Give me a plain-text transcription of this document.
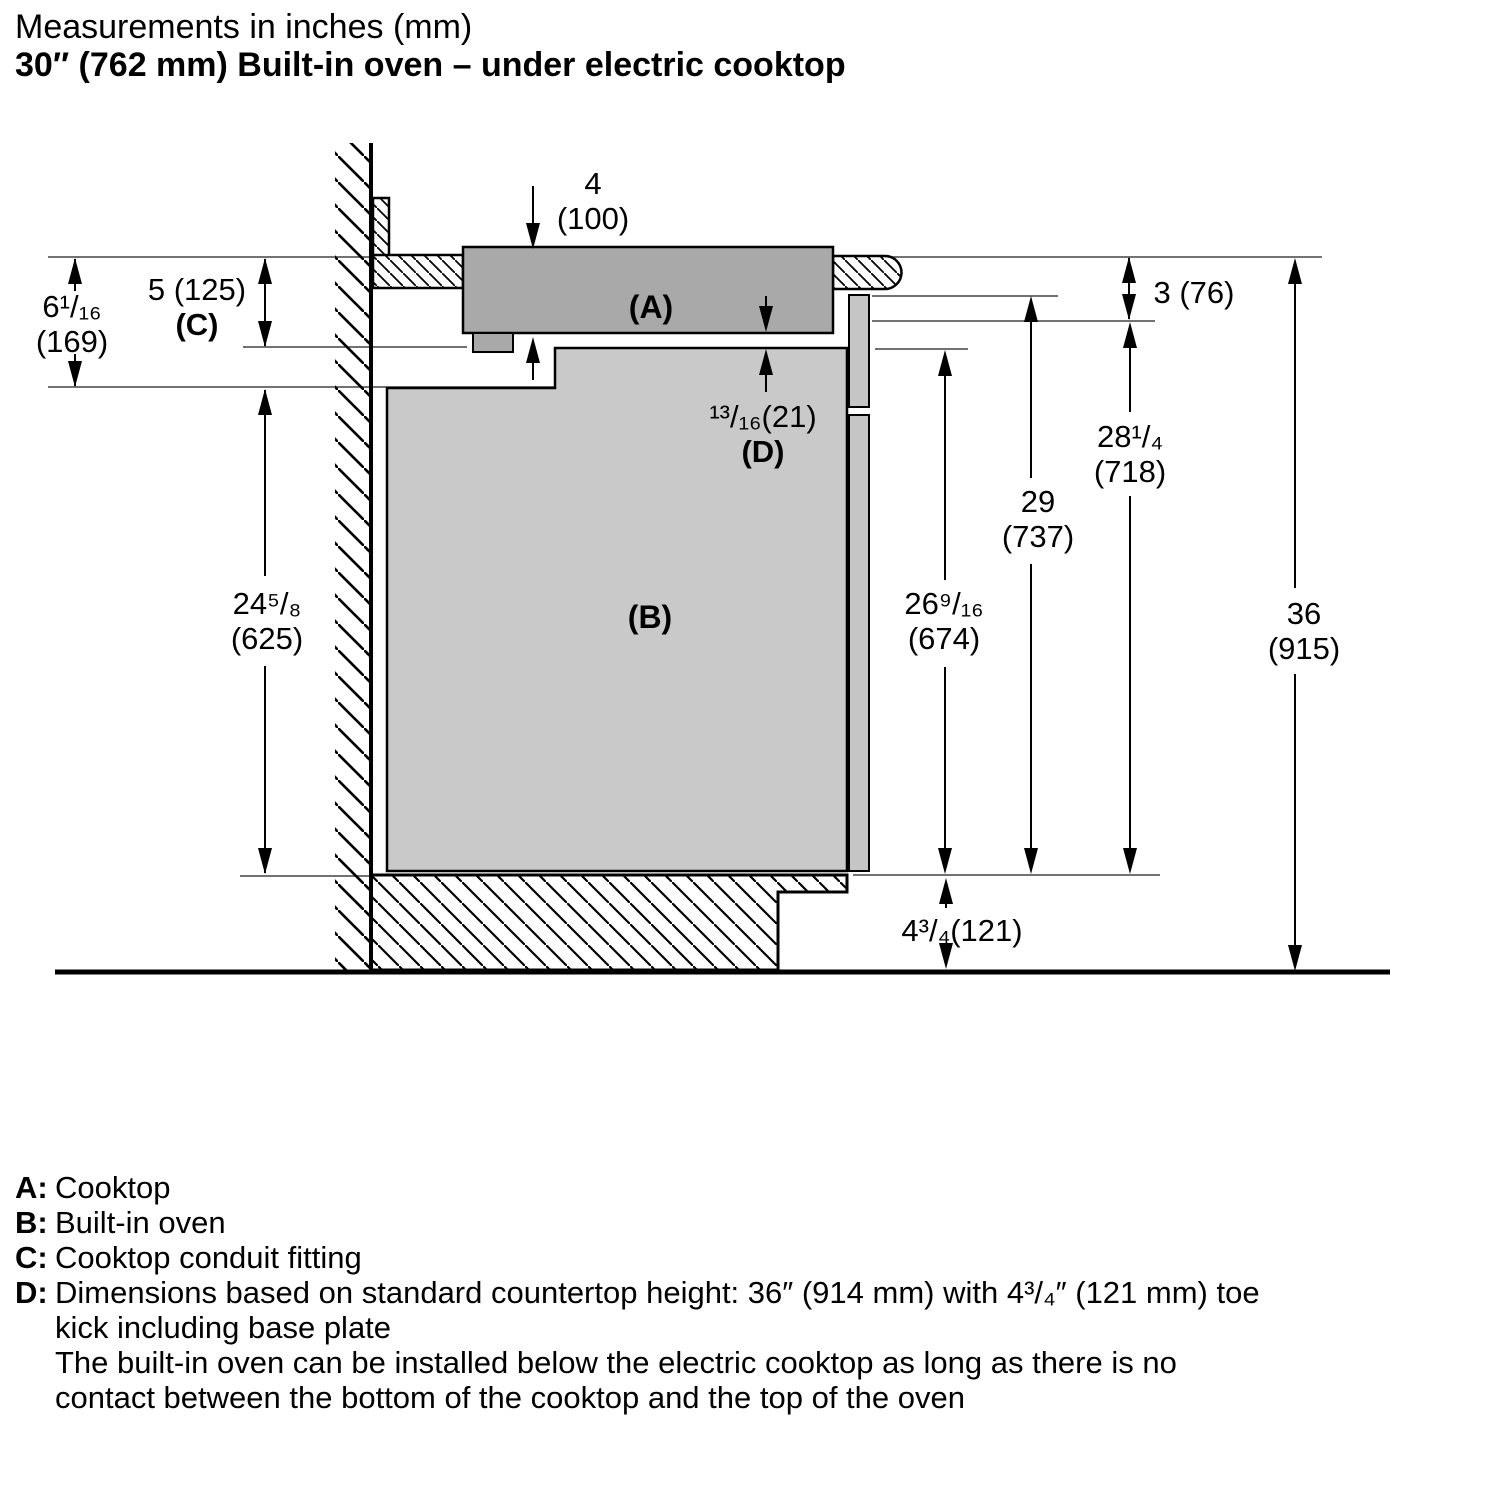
Measurements in inches (mm)
30″ (762 mm) Built-in oven – under electric cooktop
6¹/₁₆
(169)
5 (125)
(C)
4
(100)
(A)
¹³/₁₆(21)
(D)
(B)
24⁵/₈
(625)
26⁹/₁₆
(674)
29
(737)
28¹/₄
(718)
3 (76)
36
(915)
4³/₄(121)
A: Cooktop
B: Built-in oven
C: Cooktop conduit fitting
D: Dimensions based on standard countertop height: 36″ (914 mm) with 4³/₄″ (121 mm) toe
kick including base plate
The built-in oven can be installed below the electric cooktop as long as there is no
contact between the bottom of the cooktop and the top of the oven
